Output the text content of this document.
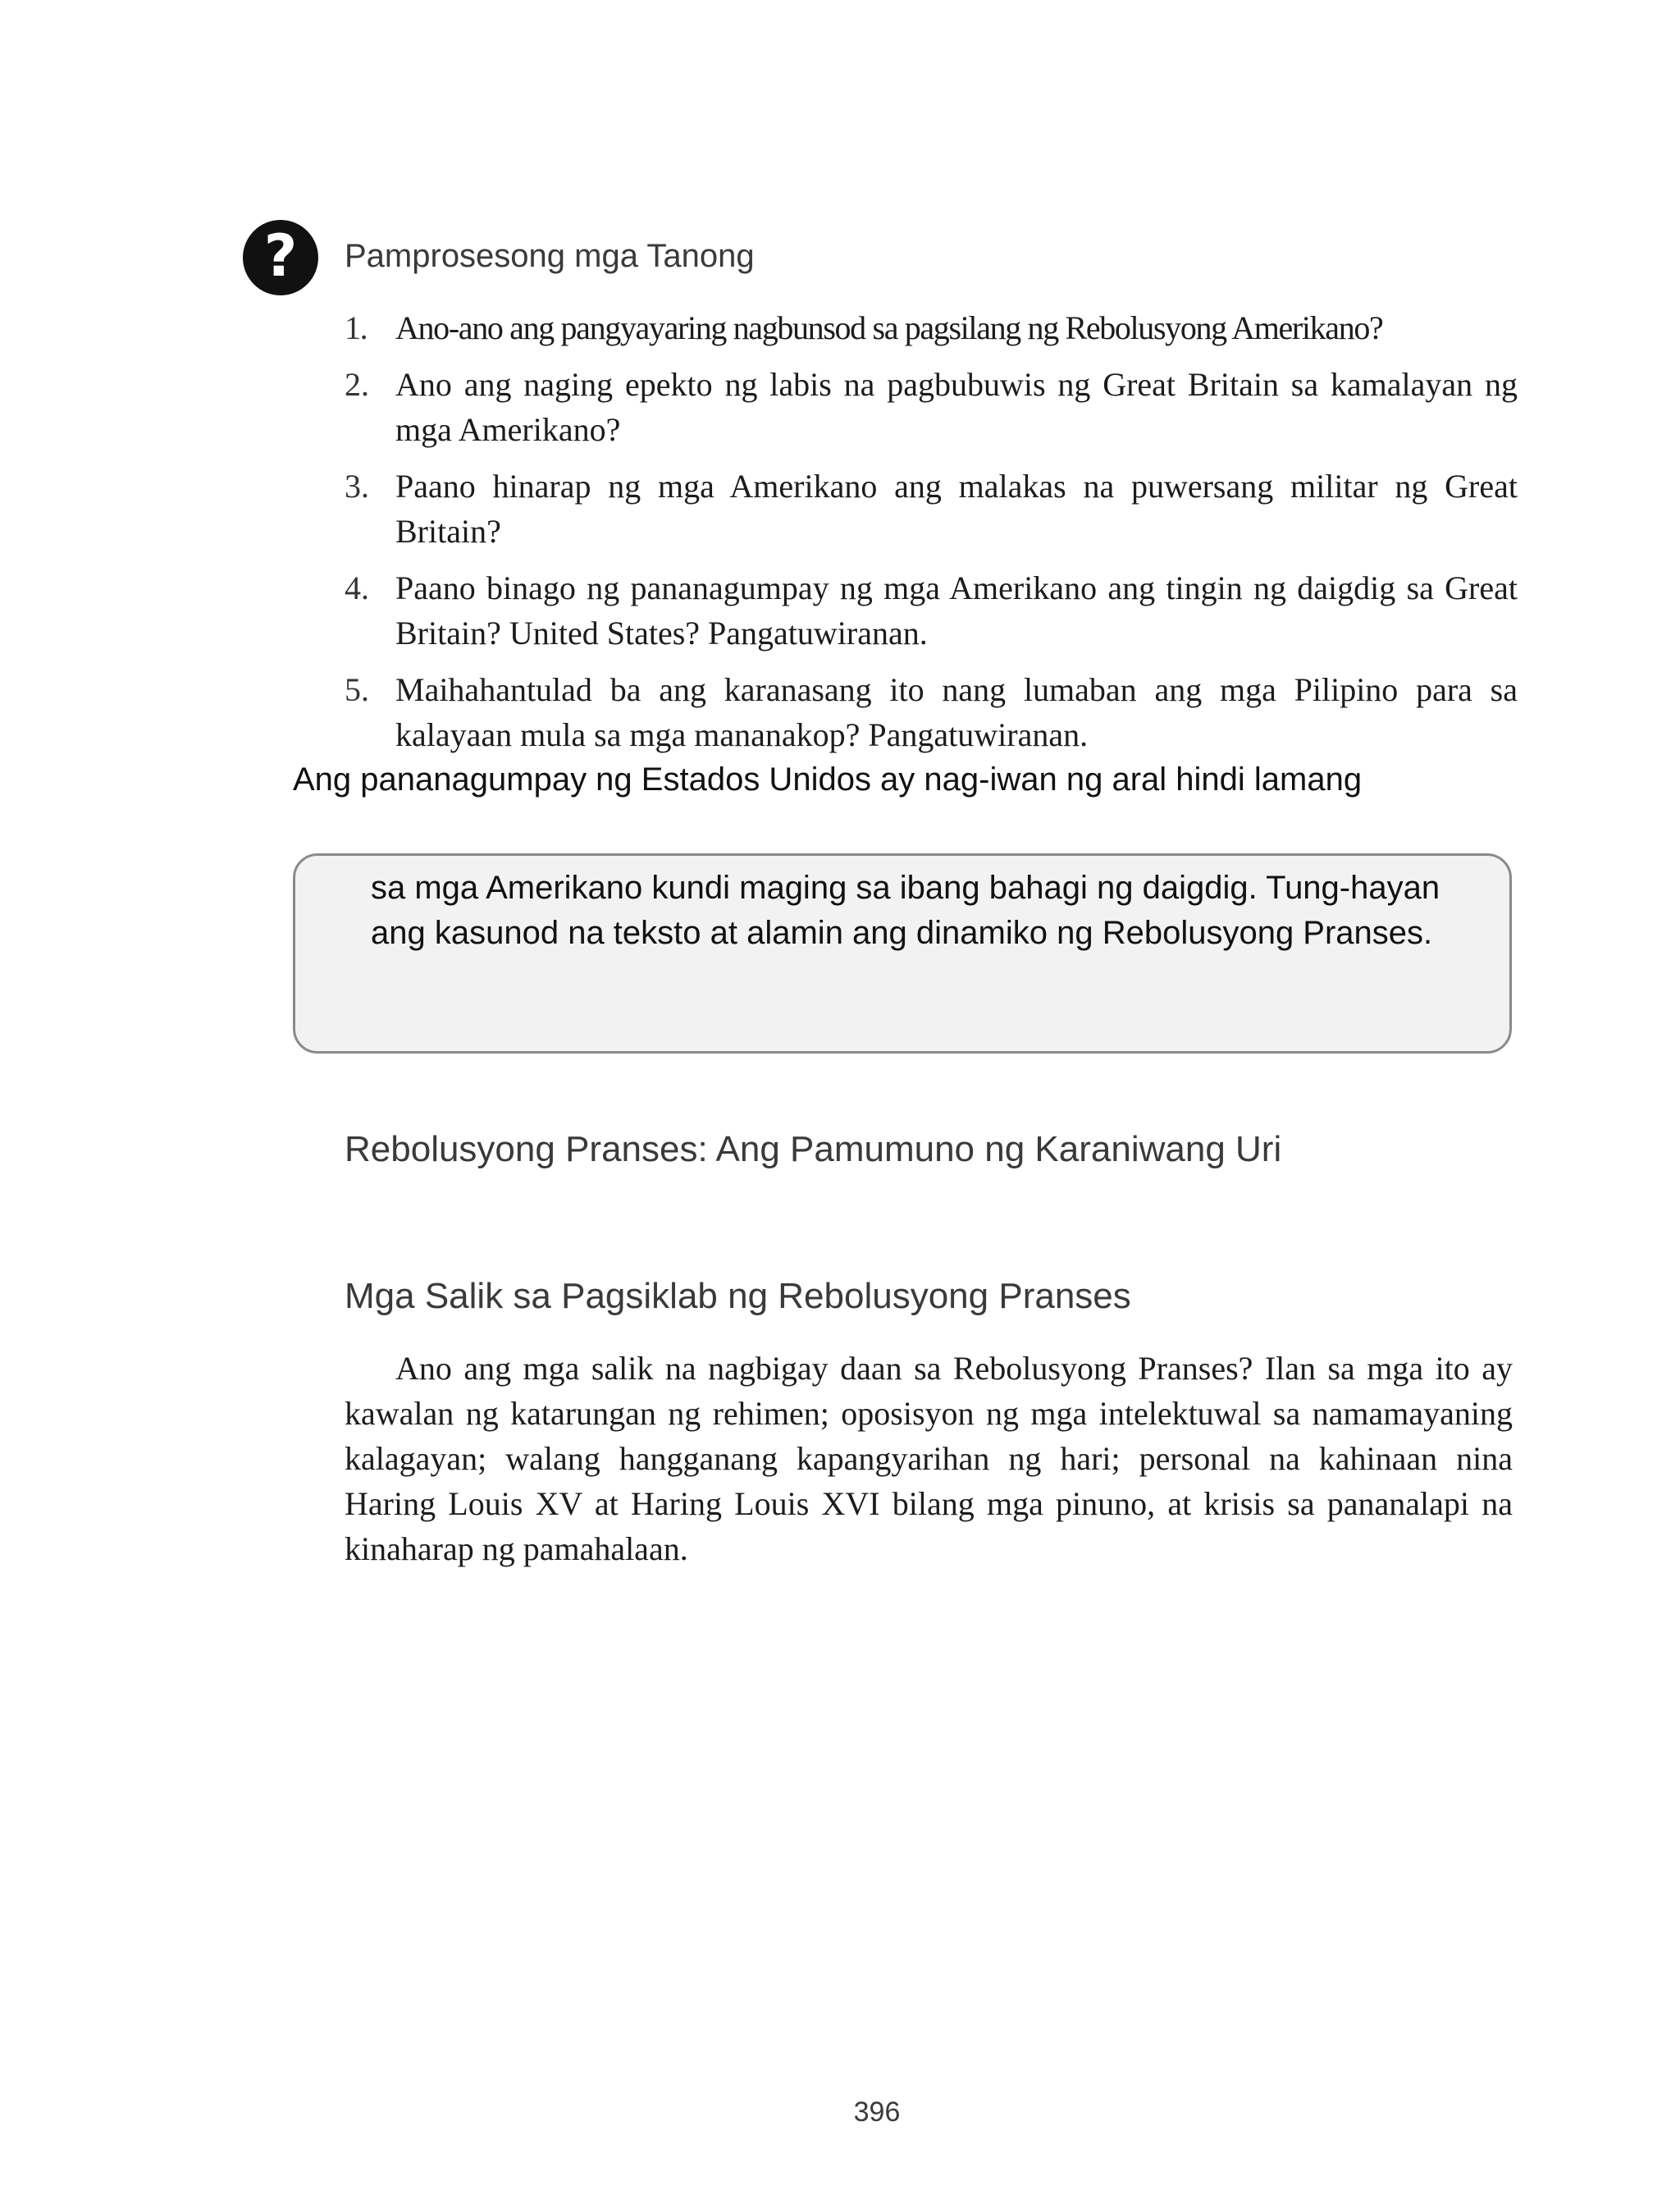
? Pamprosesong mga Tanong
1. Ano-ano ang pangyayaring nagbunsod sa pagsilang ng Rebolusyong Amerikano?
2. Ano ang naging epekto ng labis na pagbubuwis ng Great Britain sa kamalayan ng mga Amerikano?
3. Paano hinarap ng mga Amerikano ang malakas na puwersang militar ng Great Britain?
4. Paano binago ng pananagumpay ng mga Amerikano ang tingin ng daigdig sa Great Britain? United States? Pangatuwiranan.
5. Maihahantulad ba ang karanasang ito nang lumaban ang mga Pilipino para sa kalayaan mula sa mga mananakop? Pangatuwiranan.

Ang pananagumpay ng Estados Unidos ay nag-iwan ng aral hindi lamang

sa mga Amerikano kundi maging sa ibang bahagi ng daigdig. Tung-hayan ang kasunod na teksto at alamin ang dinamiko ng Rebolusyong Pranses.

Rebolusyong Pranses: Ang Pamumuno ng Karaniwang Uri
Mga Salik sa Pagsiklab ng Rebolusyong Pranses

Ano ang mga salik na nagbigay daan sa Rebolusyong Pranses? Ilan sa mga ito ay kawalan ng katarungan ng rehimen; oposisyon ng mga intelektuwal sa namamayaning kalagayan; walang hangganang kapangyarihan ng hari; personal na kahinaan nina Haring Louis XV at Haring Louis XVI bilang mga pinuno, at krisis sa pananalapi na kinaharap ng pamahalaan.

396
